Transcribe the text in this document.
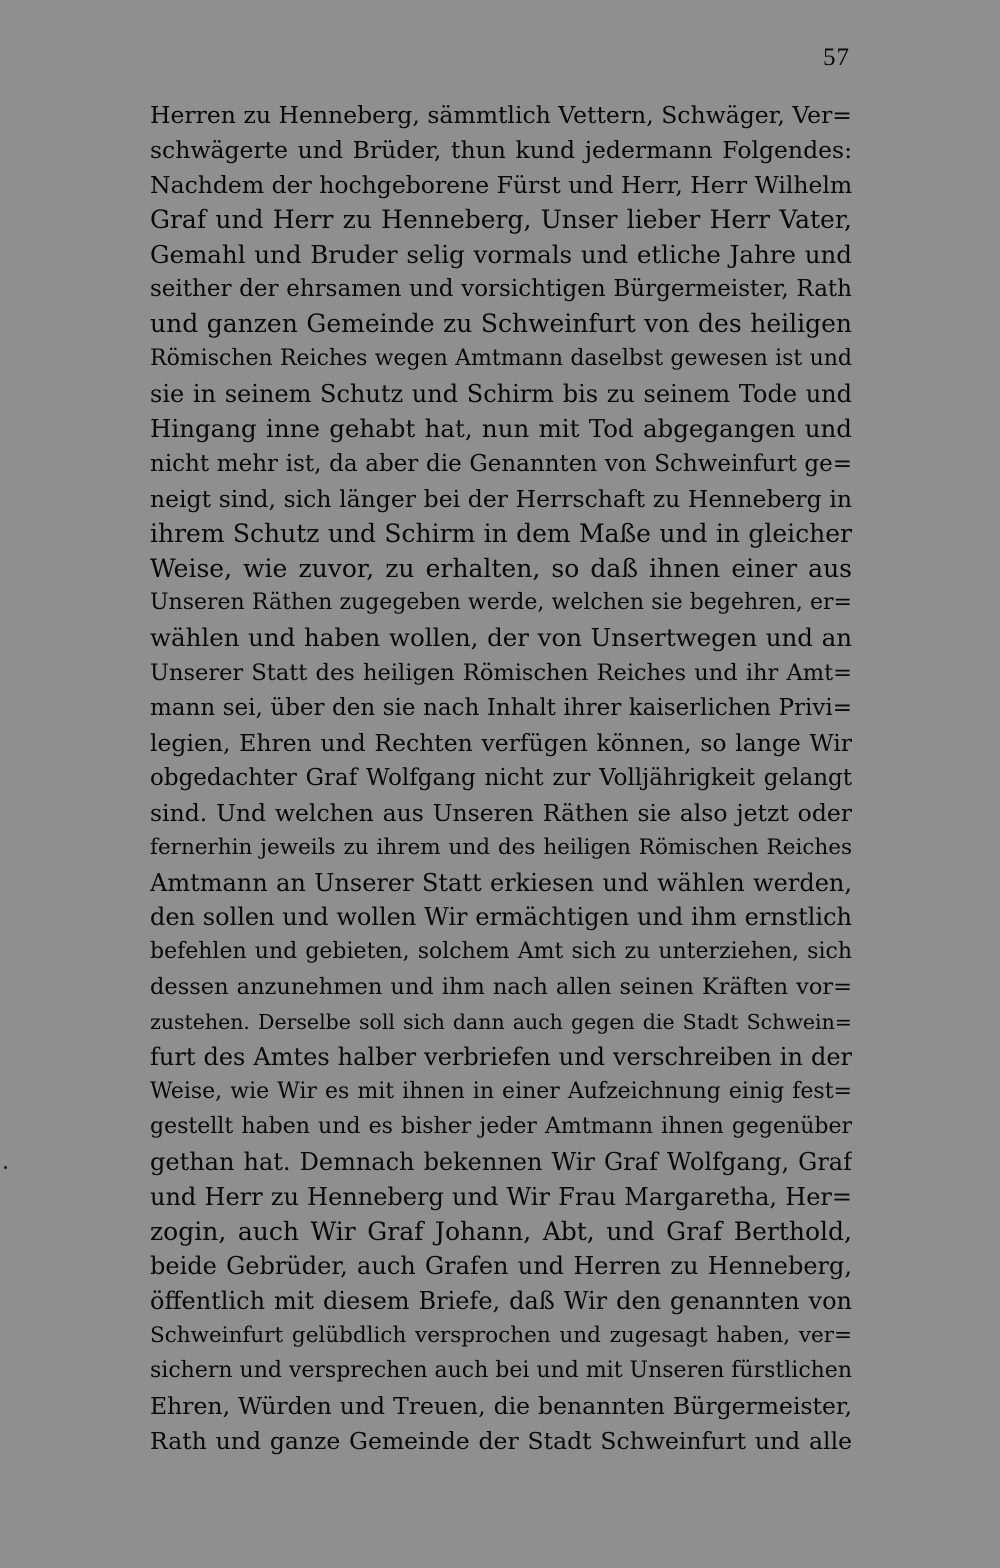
57
Herren zu Henneberg, sämmtlich Vettern, Schwäger, Ver=
schwägerte und Brüder, thun kund jedermann Folgendes:
Nachdem der hochgeborene Fürst und Herr, Herr Wilhelm
Graf und Herr zu Henneberg, Unser lieber Herr Vater,
Gemahl und Bruder selig vormals und etliche Jahre und
seither der ehrsamen und vorsichtigen Bürgermeister, Rath
und ganzen Gemeinde zu Schweinfurt von des heiligen
Römischen Reiches wegen Amtmann daselbst gewesen ist und
sie in seinem Schutz und Schirm bis zu seinem Tode und
Hingang inne gehabt hat, nun mit Tod abgegangen und
nicht mehr ist, da aber die Genannten von Schweinfurt ge=
neigt sind, sich länger bei der Herrschaft zu Henneberg in
ihrem Schutz und Schirm in dem Maße und in gleicher
Weise, wie zuvor, zu erhalten, so daß ihnen einer aus
Unseren Räthen zugegeben werde, welchen sie begehren, er=
wählen und haben wollen, der von Unsertwegen und an
Unserer Statt des heiligen Römischen Reiches und ihr Amt=
mann sei, über den sie nach Inhalt ihrer kaiserlichen Privi=
legien, Ehren und Rechten verfügen können, so lange Wir
obgedachter Graf Wolfgang nicht zur Volljährigkeit gelangt
sind. Und welchen aus Unseren Räthen sie also jetzt oder
fernerhin jeweils zu ihrem und des heiligen Römischen Reiches
Amtmann an Unserer Statt erkiesen und wählen werden,
den sollen und wollen Wir ermächtigen und ihm ernstlich
befehlen und gebieten, solchem Amt sich zu unterziehen, sich
dessen anzunehmen und ihm nach allen seinen Kräften vor=
zustehen. Derselbe soll sich dann auch gegen die Stadt Schwein=
furt des Amtes halber verbriefen und verschreiben in der
Weise, wie Wir es mit ihnen in einer Aufzeichnung einig fest=
gestellt haben und es bisher jeder Amtmann ihnen gegenüber
gethan hat. Demnach bekennen Wir Graf Wolfgang, Graf
und Herr zu Henneberg und Wir Frau Margaretha, Her=
zogin, auch Wir Graf Johann, Abt, und Graf Berthold,
beide Gebrüder, auch Grafen und Herren zu Henneberg,
öffentlich mit diesem Briefe, daß Wir den genannten von
Schweinfurt gelübdlich versprochen und zugesagt haben, ver=
sichern und versprechen auch bei und mit Unseren fürstlichen
Ehren, Würden und Treuen, die benannten Bürgermeister,
Rath und ganze Gemeinde der Stadt Schweinfurt und alle
